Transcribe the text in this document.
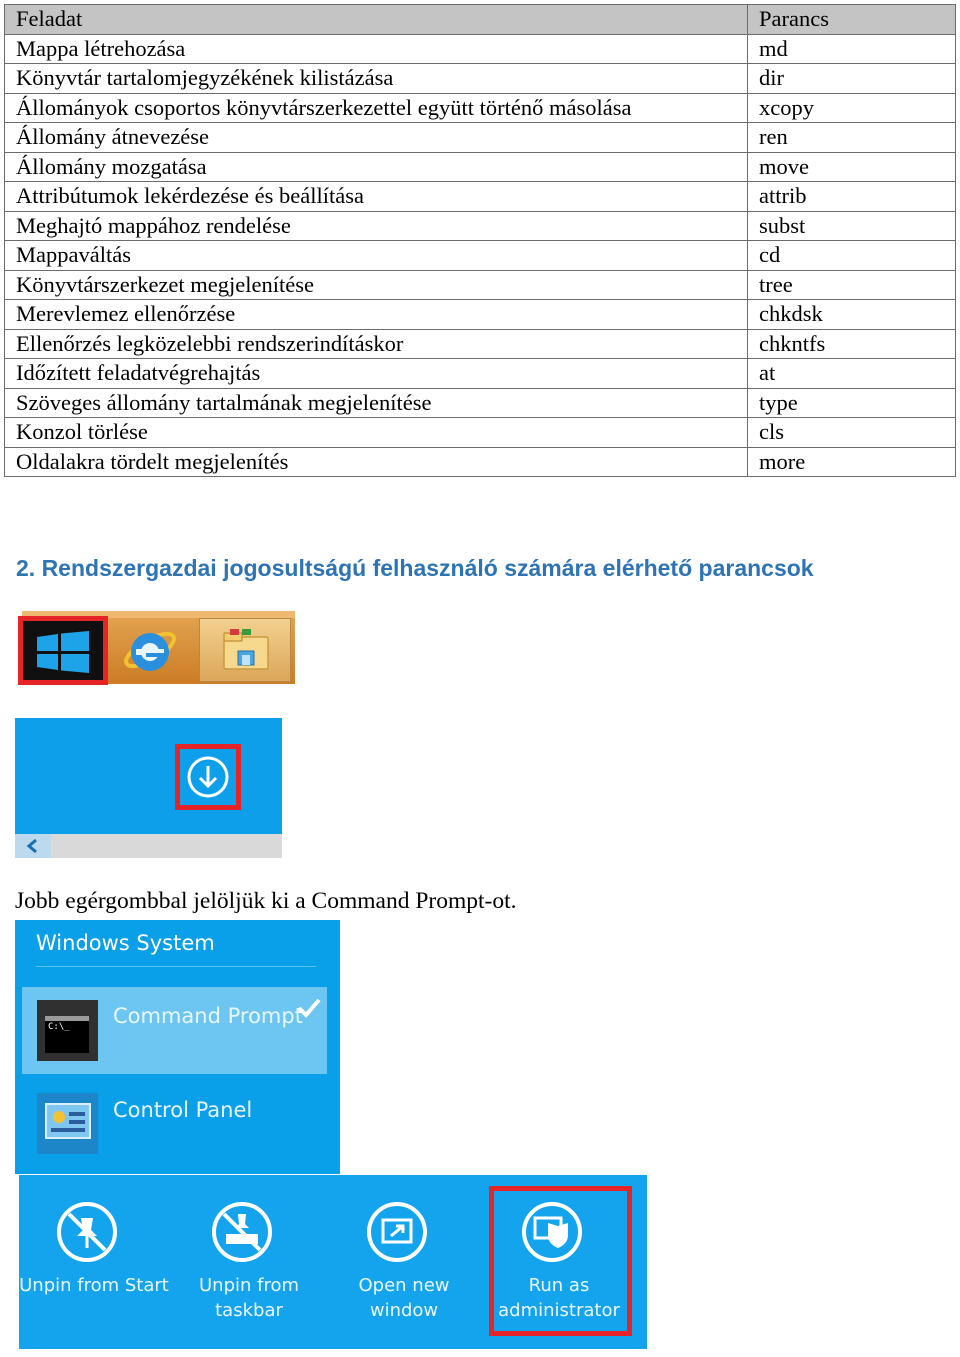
Feladat	Parancs
Mappa létrehozása	md
Könyvtár tartalomjegyzékének kilistázása	dir
Állományok csoportos könyvtárszerkezettel együtt történő másolása	xcopy
Állomány átnevezése	ren
Állomány mozgatása	move
Attribútumok lekérdezése és beállítása	attrib
Meghajtó mappához rendelése	subst
Mappaváltás	cd
Könyvtárszerkezet megjelenítése	tree
Merevlemez ellenőrzése	chkdsk
Ellenőrzés legközelebbi rendszerindításkor	chkntfs
Időzített feladatvégrehajtás	at
Szöveges állomány tartalmának megjelenítése	type
Konzol törlése	cls
Oldalakra tördelt megjelenítés	more
2. Rendszergazdai jogosultságú felhasználó számára elérhető parancsok
Jobb egérgombbal jelöljük ki a Command Prompt-ot.
Windows System
C:\_ Command Prompt
Control Panel
Unpin from Start	Unpin from
taskbar
Open new
window
Run as
administrator
